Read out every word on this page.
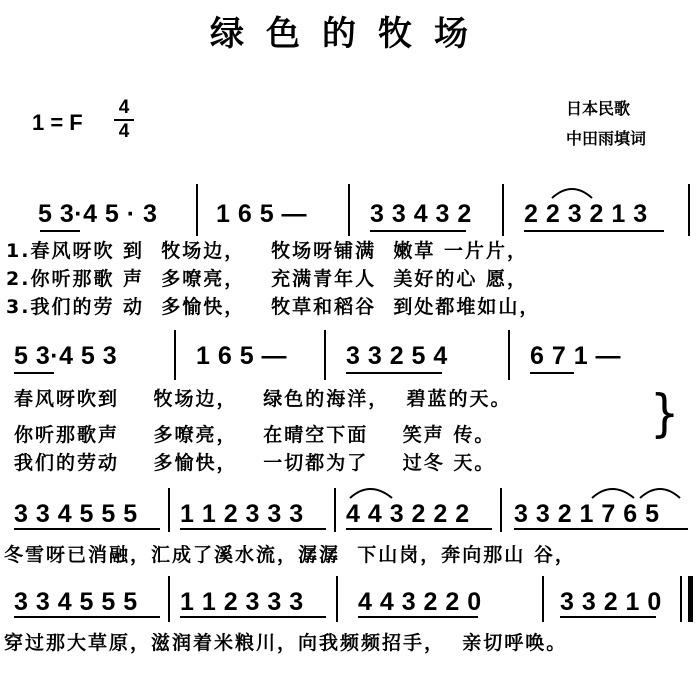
绿色的牧场
1 = F
4
4
日本民歌
中田雨填词
5 3·4 5 · 3 1 6 5 —	3 3 4 3 2 2 2 3 2 1 3
1.春风呀吹 到  牧场边，   牧场呀铺满  嫩草 一片片，
2.你听那歌 声  多嘹亮，   充满青年人  美好的心 愿，
3.我们的劳 动  多愉快，   牧草和稻谷  到处都堆如山，
5 3·4 5 3	1 6 5 — 3 3 2 5 4	6 7 1 —
春风呀吹到    牧场边，   绿色的海洋，  碧蓝的天。
你听那歌声    多嘹亮，   在晴空下面    笑声 传。
我们的劳动    多愉快，   一切都为了    过冬 天。
}
3 3 4 5 5 5 1 1 2 3 3 3 4 4 3 2 2 2 3 3 2 1 7 6 5
冬雪呀已消融，汇成了溪水流，潺潺  下山岗，奔向那山 谷，
3 3 4 5 5 5 1 1 2 3 3 3 4 4 3 2 2 0	3 3 2 1 0
穿过那大草原，滋润着米粮川，向我频频招手，  亲切呼唤。
